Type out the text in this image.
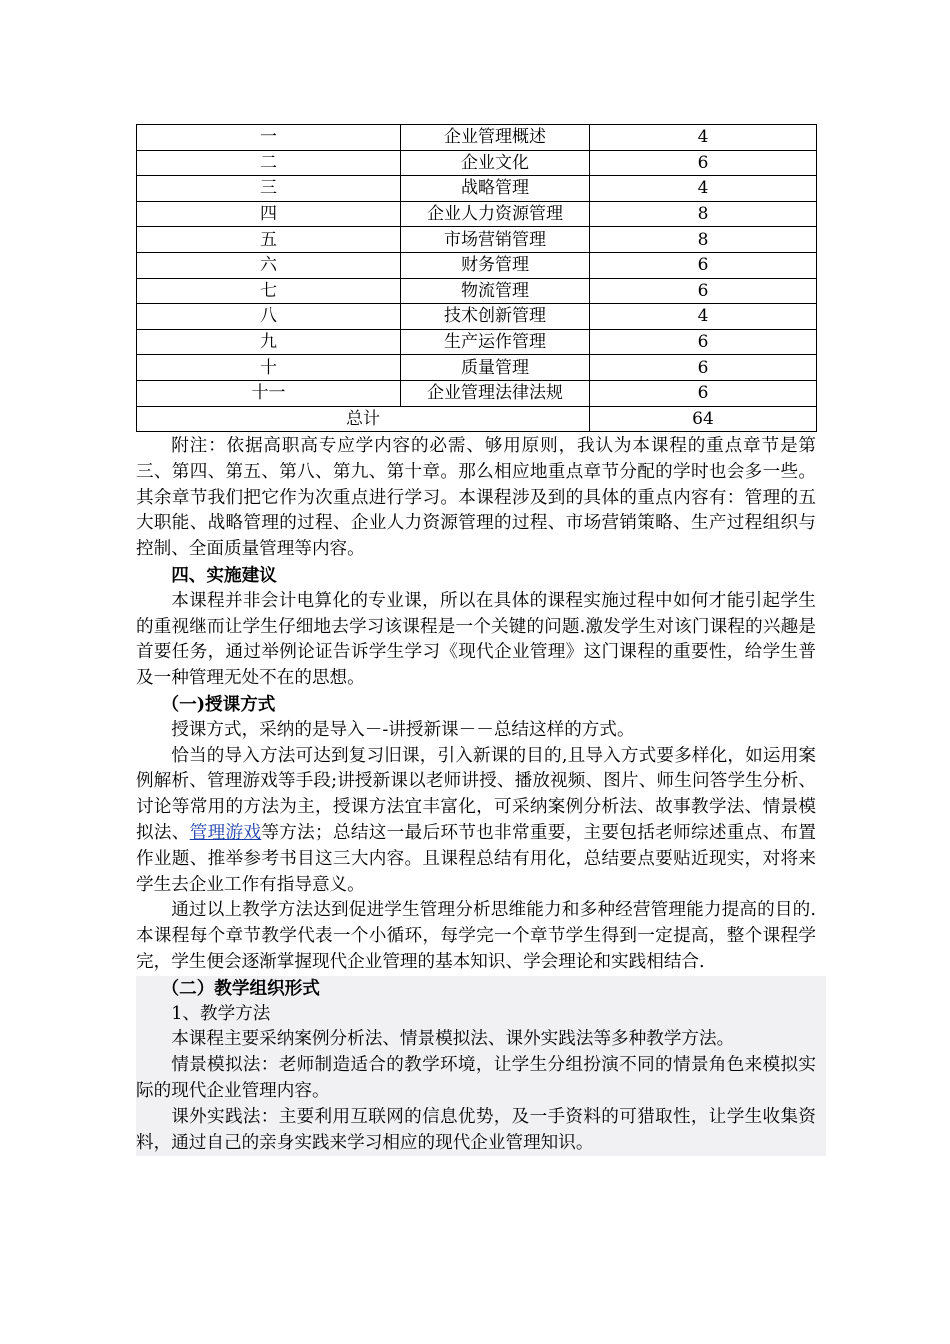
一	企业管理概述	4
二	企业文化	6
三	战略管理	4
四	企业人力资源管理	8
五	市场营销管理	8
六	财务管理	6
七	物流管理	6
八	技术创新管理	4
九	生产运作管理	6
十	质量管理	6
十一	企业管理法律法规	6
总计		64

附注：依据高职高专应学内容的必需、够用原则，我认为本课程的重点章节是第三、第四、第五、第八、第九、第十章。那么相应地重点章节分配的学时也会多一些。其余章节我们把它作为次重点进行学习。本课程涉及到的具体的重点内容有：管理的五大职能、战略管理的过程、企业人力资源管理的过程、市场营销策略、生产过程组织与控制、全面质量管理等内容。

四、实施建议

本课程并非会计电算化的专业课，所以在具体的课程实施过程中如何才能引起学生的重视继而让学生仔细地去学习该课程是一个关键的问题.激发学生对该门课程的兴趣是首要任务，通过举例论证告诉学生学习《现代企业管理》这门课程的重要性，给学生普及一种管理无处不在的思想。

（一)授课方式

授课方式，采纳的是导入－-讲授新课－－总结这样的方式。

恰当的导入方法可达到复习旧课，引入新课的目的,且导入方式要多样化，如运用案例解析、管理游戏等手段;讲授新课以老师讲授、播放视频、图片、师生问答学生分析、讨论等常用的方法为主，授课方法宜丰富化，可采纳案例分析法、故事教学法、情景模拟法、管理游戏等方法；总结这一最后环节也非常重要，主要包括老师综述重点、布置作业题、推举参考书目这三大内容。且课程总结有用化，总结要点要贴近现实，对将来学生去企业工作有指导意义。

通过以上教学方法达到促进学生管理分析思维能力和多种经营管理能力提高的目的.本课程每个章节教学代表一个小循环，每学完一个章节学生得到一定提高，整个课程学完，学生便会逐渐掌握现代企业管理的基本知识、学会理论和实践相结合.

（二）教学组织形式

1、教学方法

本课程主要采纳案例分析法、情景模拟法、课外实践法等多种教学方法。

情景模拟法：老师制造适合的教学环境，让学生分组扮演不同的情景角色来模拟实际的现代企业管理内容。

课外实践法：主要利用互联网的信息优势，及一手资料的可猎取性，让学生收集资料，通过自己的亲身实践来学习相应的现代企业管理知识。
